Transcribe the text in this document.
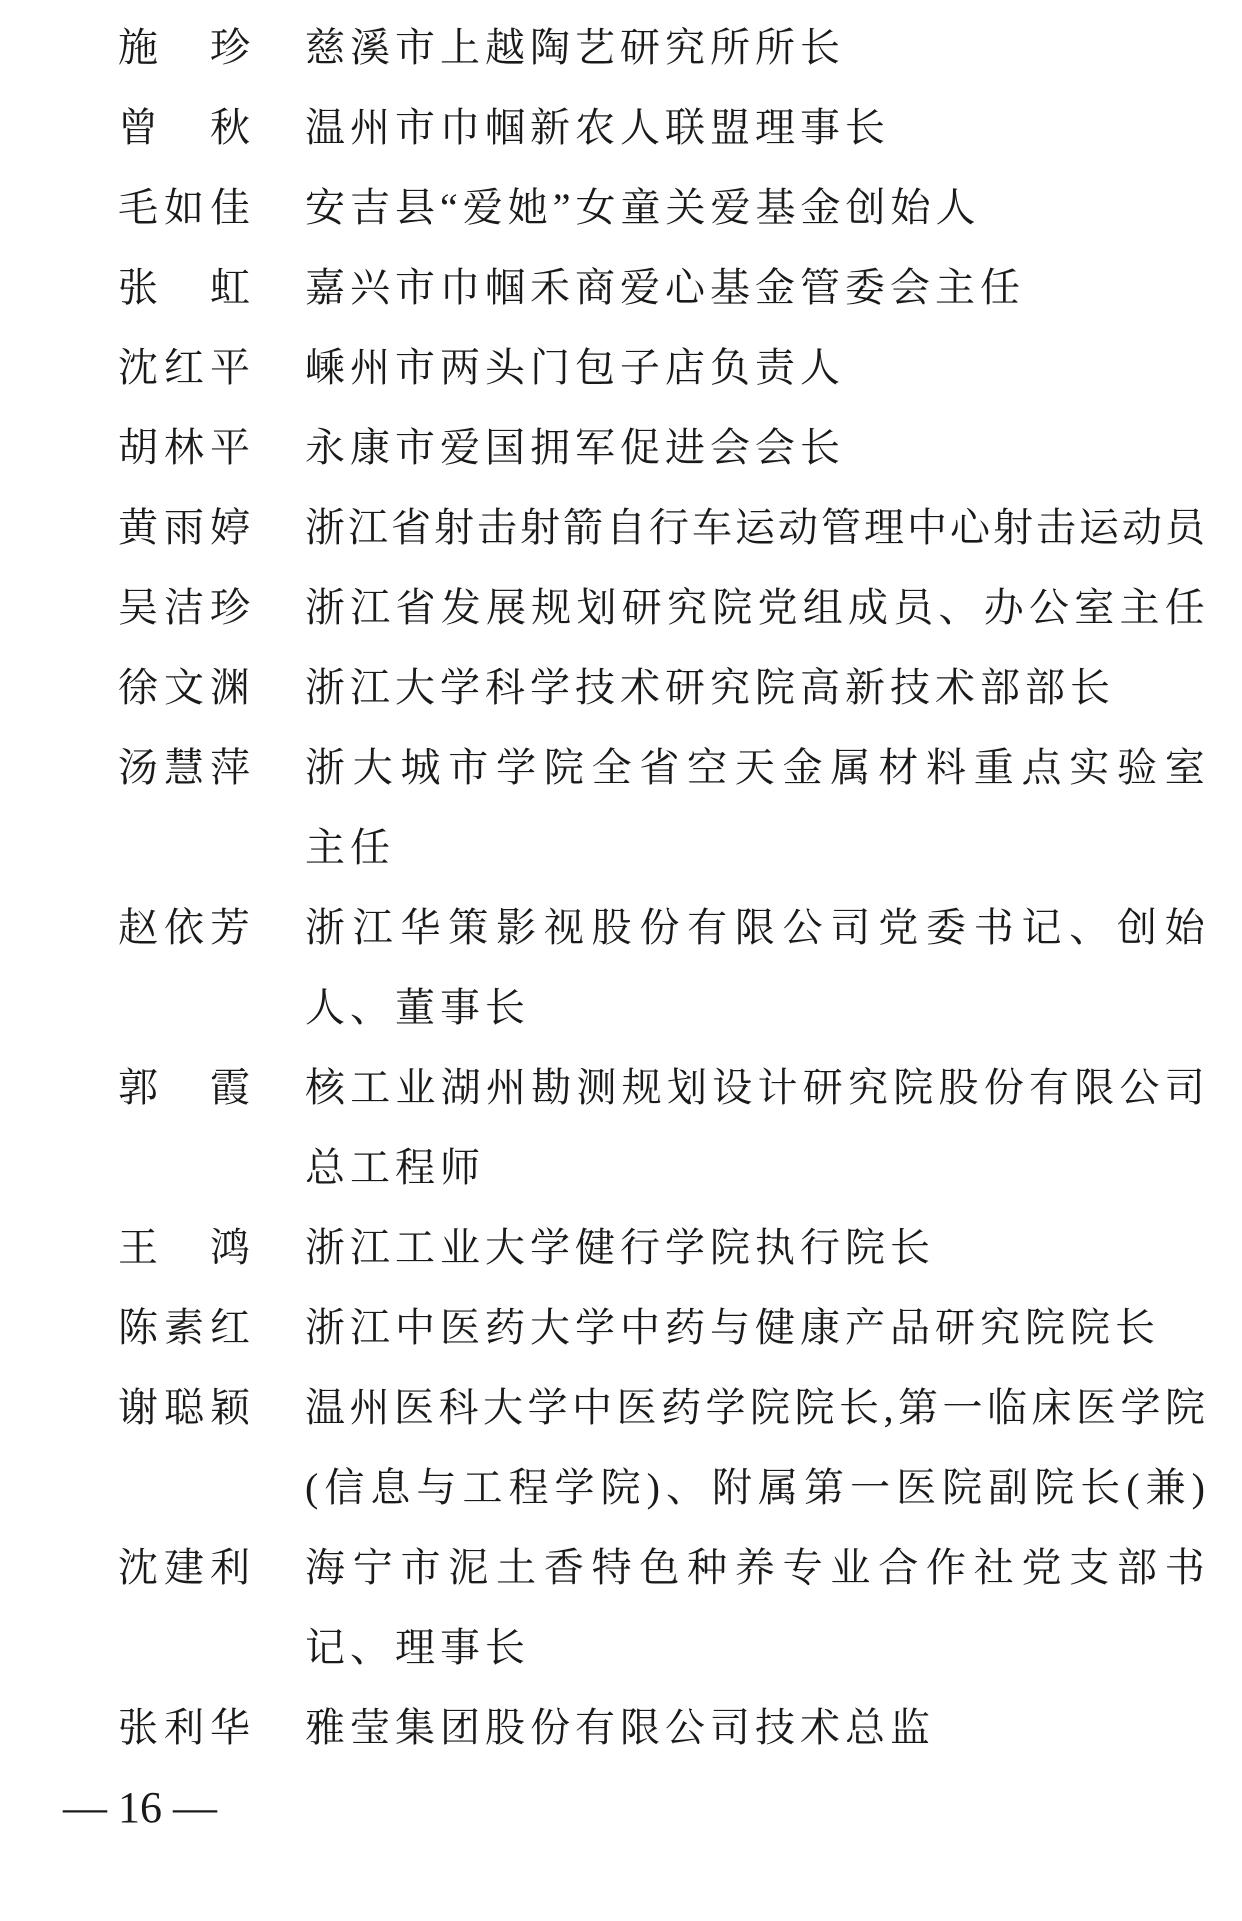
施 珍 慈溪市上越陶艺研究所所长
曾 秋 温州市巾帼新农人联盟理事长
毛 如 佳 安吉县“爱她”女童关爱基金创始人
张 虹 嘉兴市巾帼禾商爱心基金管委会主任
沈 红 平 嵊州市两头门包子店负责人
胡 林 平 永康市爱国拥军促进会会长
黄 雨 婷 浙 江 省 射 击 射 箭 自 行 车 运 动 管 理 中 心 射 击 运 动 员
吴 洁 珍 浙 江 省 发 展 规 划 研 究 院 党 组 成 员 、 办 公 室 主 任
徐 文 渊 浙江大学科学技术研究院高新技术部部长
汤 慧 萍 浙 大 城 市 学 院 全 省 空 天 金 属 材 料 重 点 实 验 室
主任
赵 依 芳 浙 江 华 策 影 视 股 份 有 限 公 司 党 委 书 记 、 创 始
人、董事长
郭 霞 核 工 业 湖 州 勘 测 规 划 设 计 研 究 院 股 份 有 限 公 司
总工程师
王 鸿 浙江工业大学健行学院执行院长
陈 素 红 浙江中医药大学中药与健康产品研究院院长
谢 聪 颖 温 州 医 科 大 学 中 医 药 学 院 院 长 , 第 一 临 床 医 学 院
( 信 息 与 工 程 学 院 ) 、 附 属 第 一 医 院 副 院 长 ( 兼 )
沈 建 利 海 宁 市 泥 土 香 特 色 种 养 专 业 合 作 社 党 支 部 书
记、理事长
张 利 华 雅莹集团股份有限公司技术总监
— 16 —
